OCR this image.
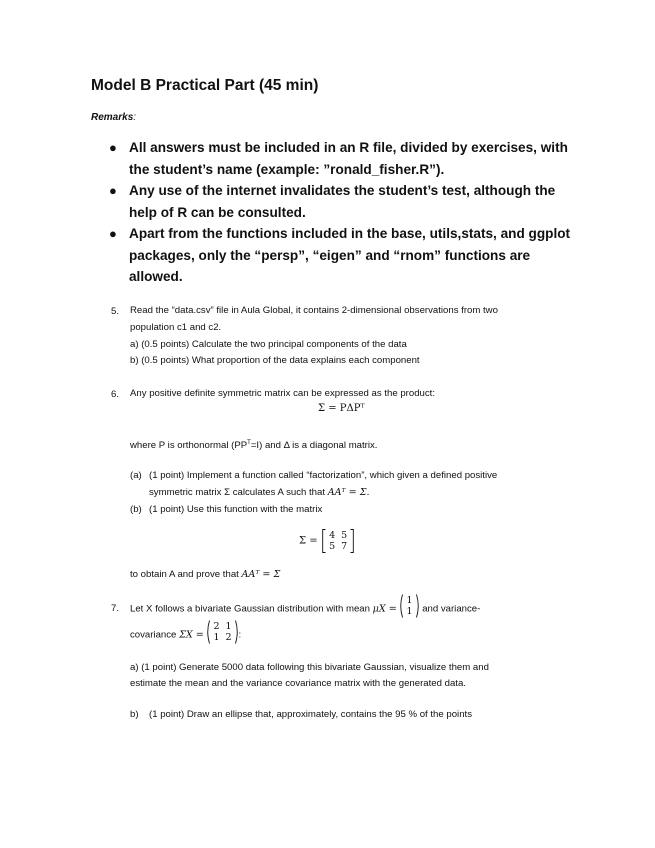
Model B Practical Part (45 min)
Remarks:
● All answers must be included in an R file, divided by exercises, with the student’s name (example: ”ronald_fisher.R”).
● Any use of the internet invalidates the student’s test, although the help of R can be consulted.
● Apart from the functions included in the base, utils,stats, and ggplot packages, only the “persp”, “eigen” and “rnom” functions are allowed.
5. Read the “data.csv” file in Aula Global, it contains 2-dimensional observations from two
population c1 and c2.
a) (0.5 points) Calculate the two principal components of the data
b) (0.5 points) What proportion of the data explains each component
6. Any positive definite symmetric matrix can be expressed as the product:
Σ = PΔPᵀ
where P is orthonormal $(PP^T=I)$ and Δ is a diagonal matrix.
(a) (1 point) Implement a function called “factorization”, which given a defined positive
symmetric matrix Σ calculates A such that AAᵀ = Σ.
(b) (1 point) Use this function with the matrix
Σ = 4	5
5	7
to obtain A and prove that AAᵀ = Σ
7. Let X follows a bivariate Gaussian distribution with mean μX = 1
1 and variance-
covariance ΣX = 2	1
1	2 :
a) (1 point) Generate 5000 data following this bivariate Gaussian, visualize them and
estimate the mean and the variance covariance matrix with the generated data.
b) (1 point) Draw an ellipse that, approximately, contains the 95 % of the points
